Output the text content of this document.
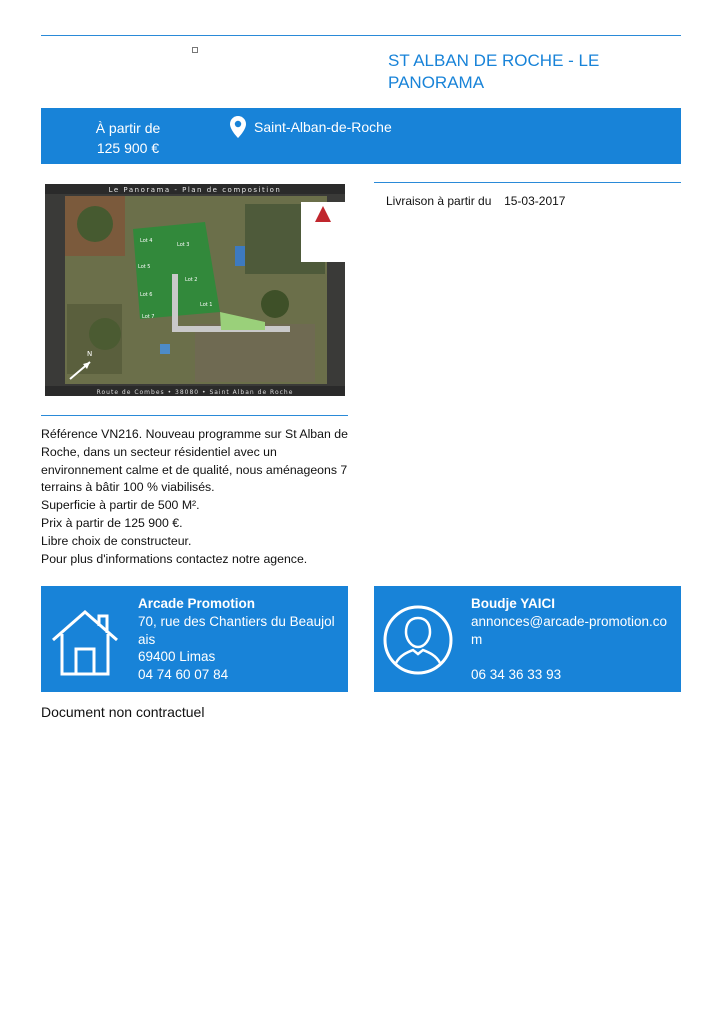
ST ALBAN DE ROCHE - LE PANORAMA
À partir de
125 900 €
Saint-Alban-de-Roche
Le Panorama - Plan de composition
Lot 4
Lot 3
Lot 5
Lot 2
Lot 6
Lot 1
Lot 7
N
Route de Combes • 38080 • Saint Alban de Roche
Livraison à partir du 15-03-2017
Référence VN216. Nouveau programme sur St Alban de
Roche, dans un secteur résidentiel avec un
environnement calme et de qualité, nous aménageons 7
terrains à bâtir 100 % viabilisés.
Superficie à partir de 500 M².
Prix à partir de 125 900 €.
Libre choix de constructeur.
Pour plus d'informations contactez notre agence.
Arcade Promotion
70, rue des Chantiers du Beaujol
ais
69400 Limas
04 74 60 07 84
Boudje YAICI
annonces@arcade-promotion.co
m
06 34 36 33 93
Document non contractuel
